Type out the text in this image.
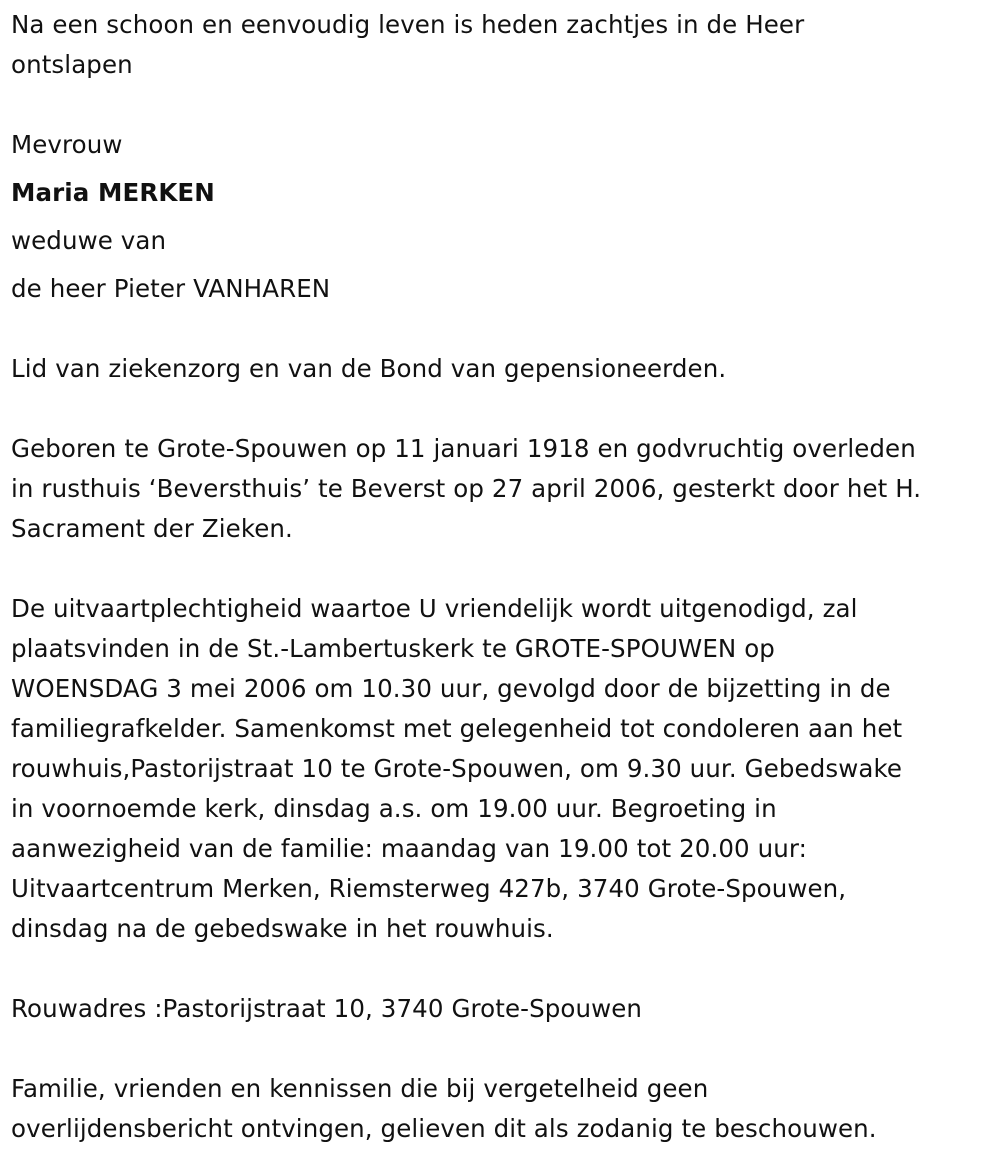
Na een schoon en eenvoudig leven is heden zachtjes in de Heer
ontslapen
Mevrouw
Maria MERKEN
weduwe van
de heer Pieter VANHAREN
Lid van ziekenzorg en van de Bond van gepensioneerden.
Geboren te Grote-Spouwen op 11 januari 1918 en godvruchtig overleden
in rusthuis ‘Beversthuis’ te Beverst op 27 april 2006, gesterkt door het H.
Sacrament der Zieken.
De uitvaartplechtigheid waartoe U vriendelijk wordt uitgenodigd, zal
plaatsvinden in de St.-Lambertuskerk te GROTE-SPOUWEN op
WOENSDAG 3 mei 2006 om 10.30 uur, gevolgd door de bijzetting in de
familiegrafkelder. Samenkomst met gelegenheid tot condoleren aan het
rouwhuis,Pastorijstraat 10 te Grote-Spouwen, om 9.30 uur. Gebedswake
in voornoemde kerk, dinsdag a.s. om 19.00 uur. Begroeting in
aanwezigheid van de familie: maandag van 19.00 tot 20.00 uur:
Uitvaartcentrum Merken, Riemsterweg 427b, 3740 Grote-Spouwen,
dinsdag na de gebedswake in het rouwhuis.
Rouwadres :Pastorijstraat 10, 3740 Grote-Spouwen
Familie, vrienden en kennissen die bij vergetelheid geen
overlijdensbericht ontvingen, gelieven dit als zodanig te beschouwen.
